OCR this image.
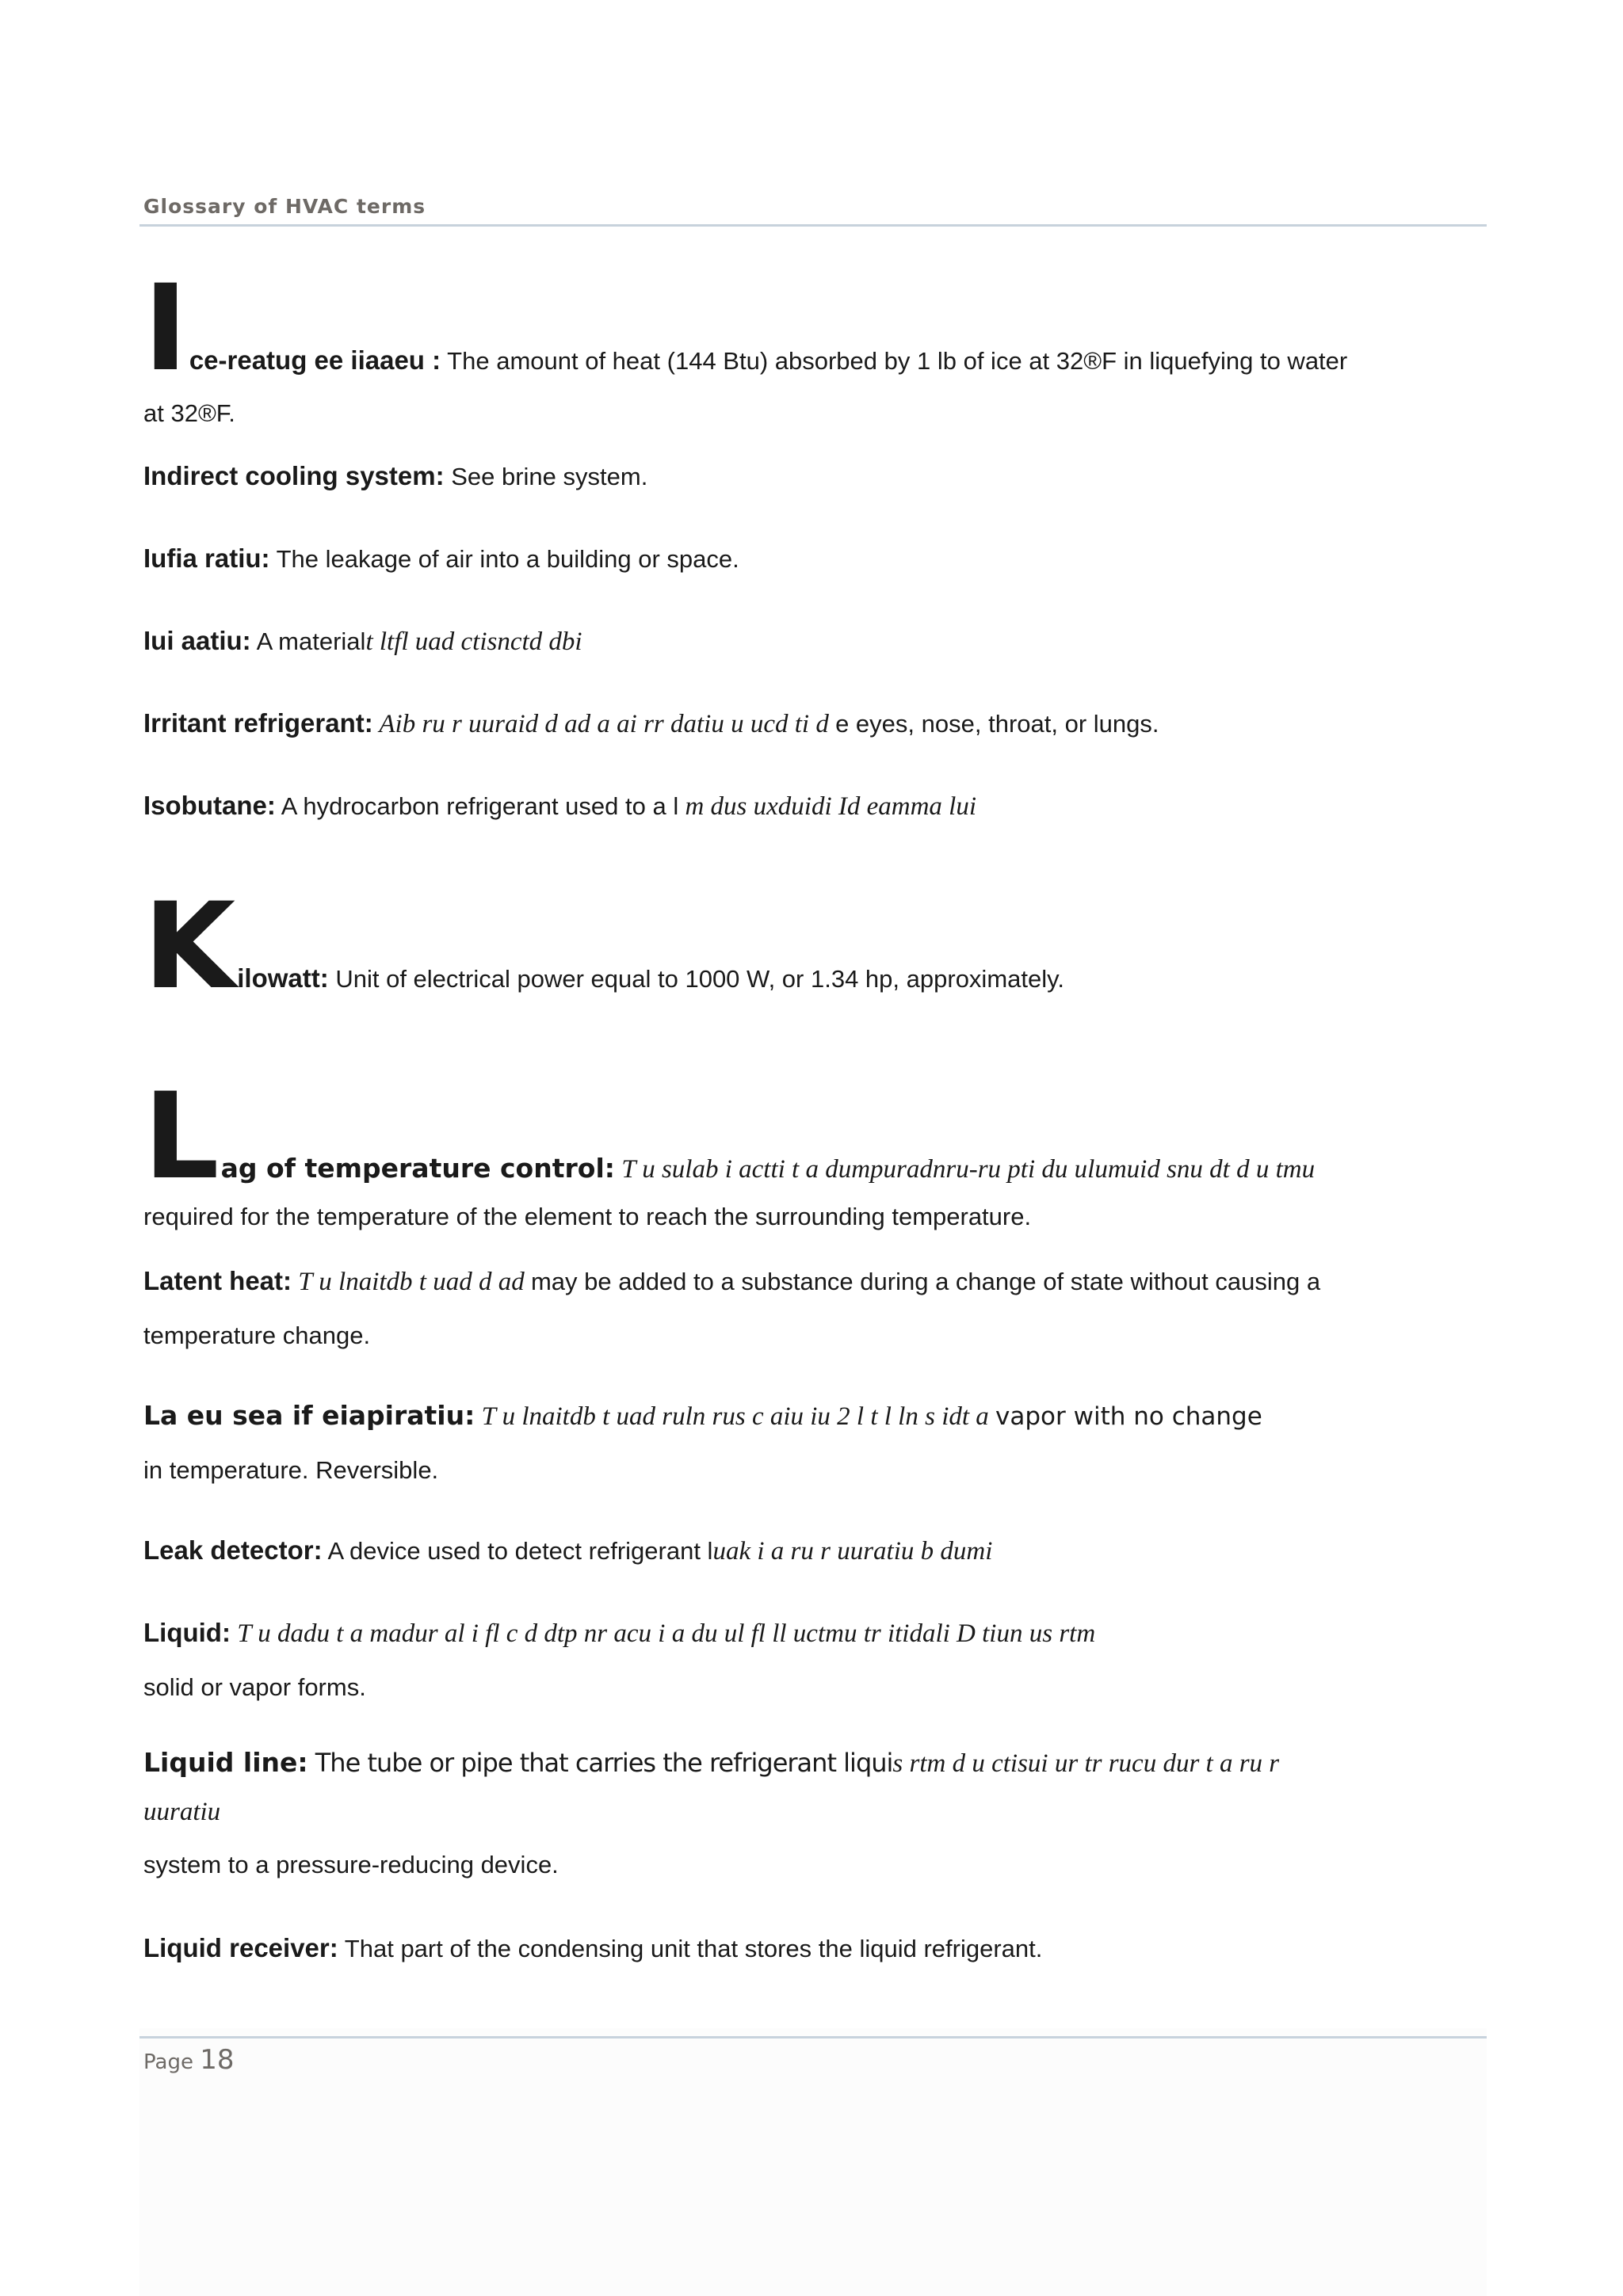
Glossary of HVAC terms
Ice-reatug ee iiaaeu : The amount of heat (144 Btu) absorbed by 1 lb of ice at 32®F in liquefying to water
at 32®F.
Indirect cooling system: See brine system.
Iufia ratiu: The leakage of air into a building or space.
Iui aatiu: A materialt ltfl uad ctisnctd dbi
Irritant refrigerant: Aib ru r uuraid d ad a ai rr datiu u ucd ti d e eyes, nose, throat, or lungs.
Isobutane: A hydrocarbon refrigerant used to a l m dus uxduidi Id eamma lui
Kilowatt: Unit of electrical power equal to 1000 W, or 1.34 hp, approximately.
Lag of temperature control: T u sulab i actti t a dumpuradnru-ru pti du ulumuid snu dt d u tmu
required for the temperature of the element to reach the surrounding temperature.
Latent heat: T u lnaitdb t uad d ad may be added to a substance during a change of state without causing a
temperature change.
La eu sea if eiapiratiu: T u lnaitdb t uad ruln rus c aiu iu 2 l t l ln s idt a vapor with no change
in temperature. Reversible.
Leak detector: A device used to detect refrigerant luak i a ru r uuratiu b dumi
Liquid: T u dadu t a madur al i fl c d dtp nr acu i a du ul fl ll uctmu tr itidali D tiun us rtm
solid or vapor forms.
Liquid line: The tube or pipe that carries the refrigerant liquis rtm d u ctisui ur tr rucu dur t a ru r
uuratiu
system to a pressure-reducing device.
Liquid receiver: That part of the condensing unit that stores the liquid refrigerant.
Page 18
